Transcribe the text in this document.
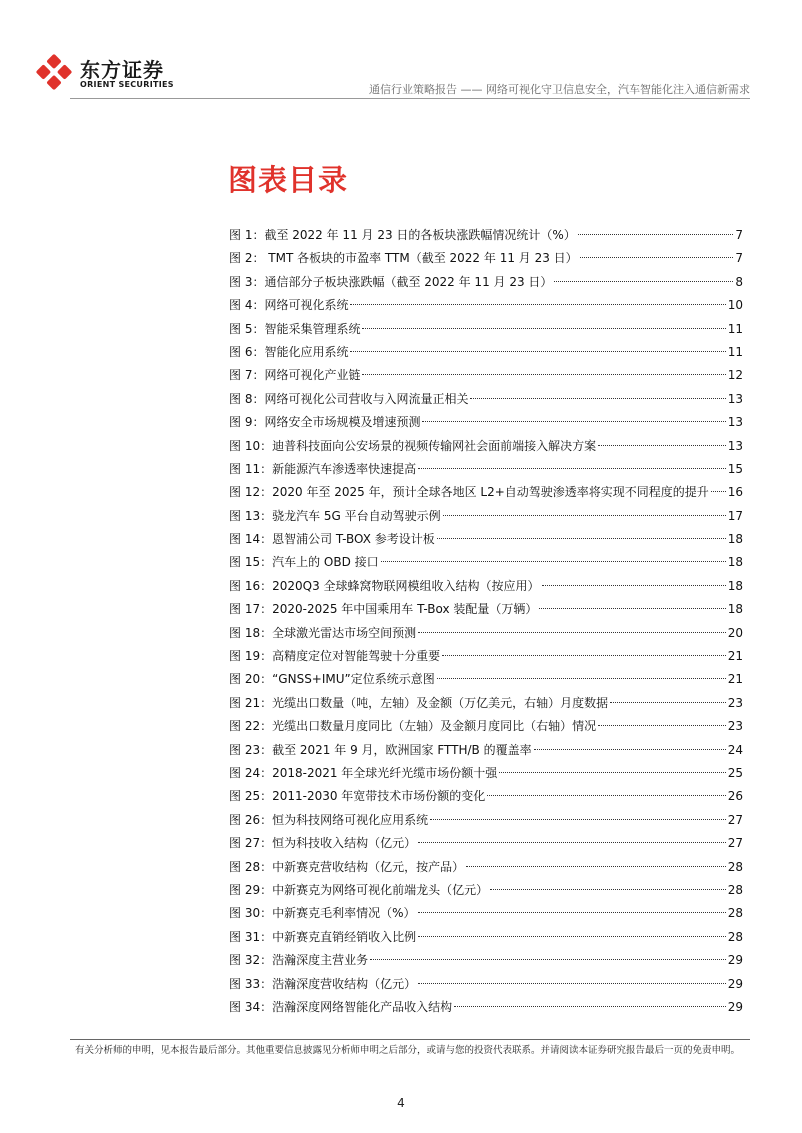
东方证券
ORIENT SECURITIES	通信行业策略报告 —— 网络可视化守卫信息安全，汽车智能化注入通信新需求
图表目录
图 1：截至 2022 年 11 月 23 日的各板块涨跌幅情况统计（%）	7
图 2： TMT 各板块的市盈率 TTM（截至 2022 年 11 月 23 日）	7
图 3：通信部分子板块涨跌幅（截至 2022 年 11 月 23 日）	8
图 4：网络可视化系统	10
图 5：智能采集管理系统	11
图 6：智能化应用系统	11
图 7：网络可视化产业链	12
图 8：网络可视化公司营收与入网流量正相关	13
图 9：网络安全市场规模及增速预测	13
图 10：迪普科技面向公安场景的视频传输网社会面前端接入解决方案	13
图 11：新能源汽车渗透率快速提高	15
图 12：2020 年至 2025 年，预计全球各地区 L2+自动驾驶渗透率将实现不同程度的提升 16
图 13：骁龙汽车 5G 平台自动驾驶示例	17
图 14：恩智浦公司 T-BOX 参考设计板	18
图 15：汽车上的 OBD 接口	18
图 16：2020Q3 全球蜂窝物联网模组收入结构（按应用）	18
图 17：2020-2025 年中国乘用车 T-Box 装配量（万辆）	18
图 18：全球激光雷达市场空间预测	20
图 19：高精度定位对智能驾驶十分重要	21
图 20：“GNSS+IMU”定位系统示意图	21
图 21：光缆出口数量（吨，左轴）及金额（万亿美元，右轴）月度数据	23
图 22：光缆出口数量月度同比（左轴）及金额月度同比（右轴）情况	23
图 23：截至 2021 年 9 月，欧洲国家 FTTH/B 的覆盖率	24
图 24：2018-2021 年全球光纤光缆市场份额十强	25
图 25：2011-2030 年宽带技术市场份额的变化	26
图 26：恒为科技网络可视化应用系统	27
图 27：恒为科技收入结构（亿元）	27
图 28：中新赛克营收结构（亿元，按产品）	28
图 29：中新赛克为网络可视化前端龙头（亿元）	28
图 30：中新赛克毛利率情况（%）	28
图 31：中新赛克直销经销收入比例	28
图 32：浩瀚深度主营业务	29
图 33：浩瀚深度营收结构（亿元）	29
图 34：浩瀚深度网络智能化产品收入结构	29
有关分析师的申明，见本报告最后部分。其他重要信息披露见分析师申明之后部分，或请与您的投资代表联系。并请阅读本证券研究报告最后一页的免责申明。
4
